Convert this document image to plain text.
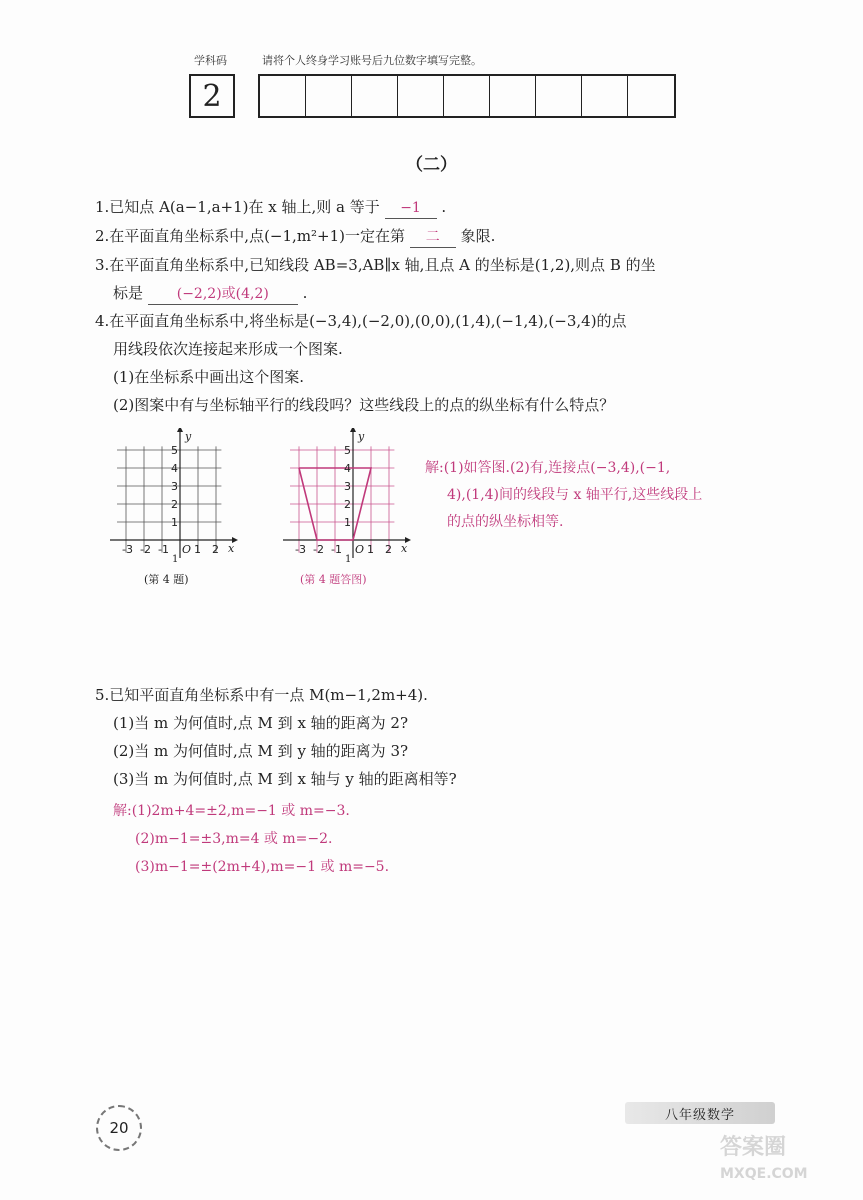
学科码	请将个人终身学习账号后九位数字填写完整。
2
（二）
1.已知点 A(a−1,a+1)在 x 轴上,则 a 等于 −1 .
2.在平面直角坐标系中,点(−1,m²+1)一定在第 二 象限.
3.在平面直角坐标系中,已知线段 AB=3,AB∥x 轴,且点 A 的坐标是(1,2),则点 B 的坐
标是 (−2,2)或(4,2) .
4.在平面直角坐标系中,将坐标是(−3,4),(−2,0),(0,0),(1,4),(−1,4),(−3,4)的点
用线段依次连接起来形成一个图案.
(1)在坐标系中画出这个图案.
(2)图案中有与坐标轴平行的线段吗？这些线段上的点的纵坐标有什么特点？
-3 -2 -1 1 2
1
2
3
4
5
1
O	x
y
(第 4 题)
-3 -2 -1 1 2
1
2
3
4
5
1
O	x
y
(第 4 题答图)
解:(1)如答图.(2)有,连接点(−3,4),(−1,
4),(1,4)间的线段与 x 轴平行,这些线段上
的点的纵坐标相等.
5.已知平面直角坐标系中有一点 M(m−1,2m+4).
(1)当 m 为何值时,点 M 到 x 轴的距离为 2?
(2)当 m 为何值时,点 M 到 y 轴的距离为 3?
(3)当 m 为何值时,点 M 到 x 轴与 y 轴的距离相等?
解:(1)2m+4=±2,m=−1 或 m=−3.
(2)m−1=±3,m=4 或 m=−2.
(3)m−1=±(2m+4),m=−1 或 m=−5.
20
八年级数学
答案圈
MXQE.COM
